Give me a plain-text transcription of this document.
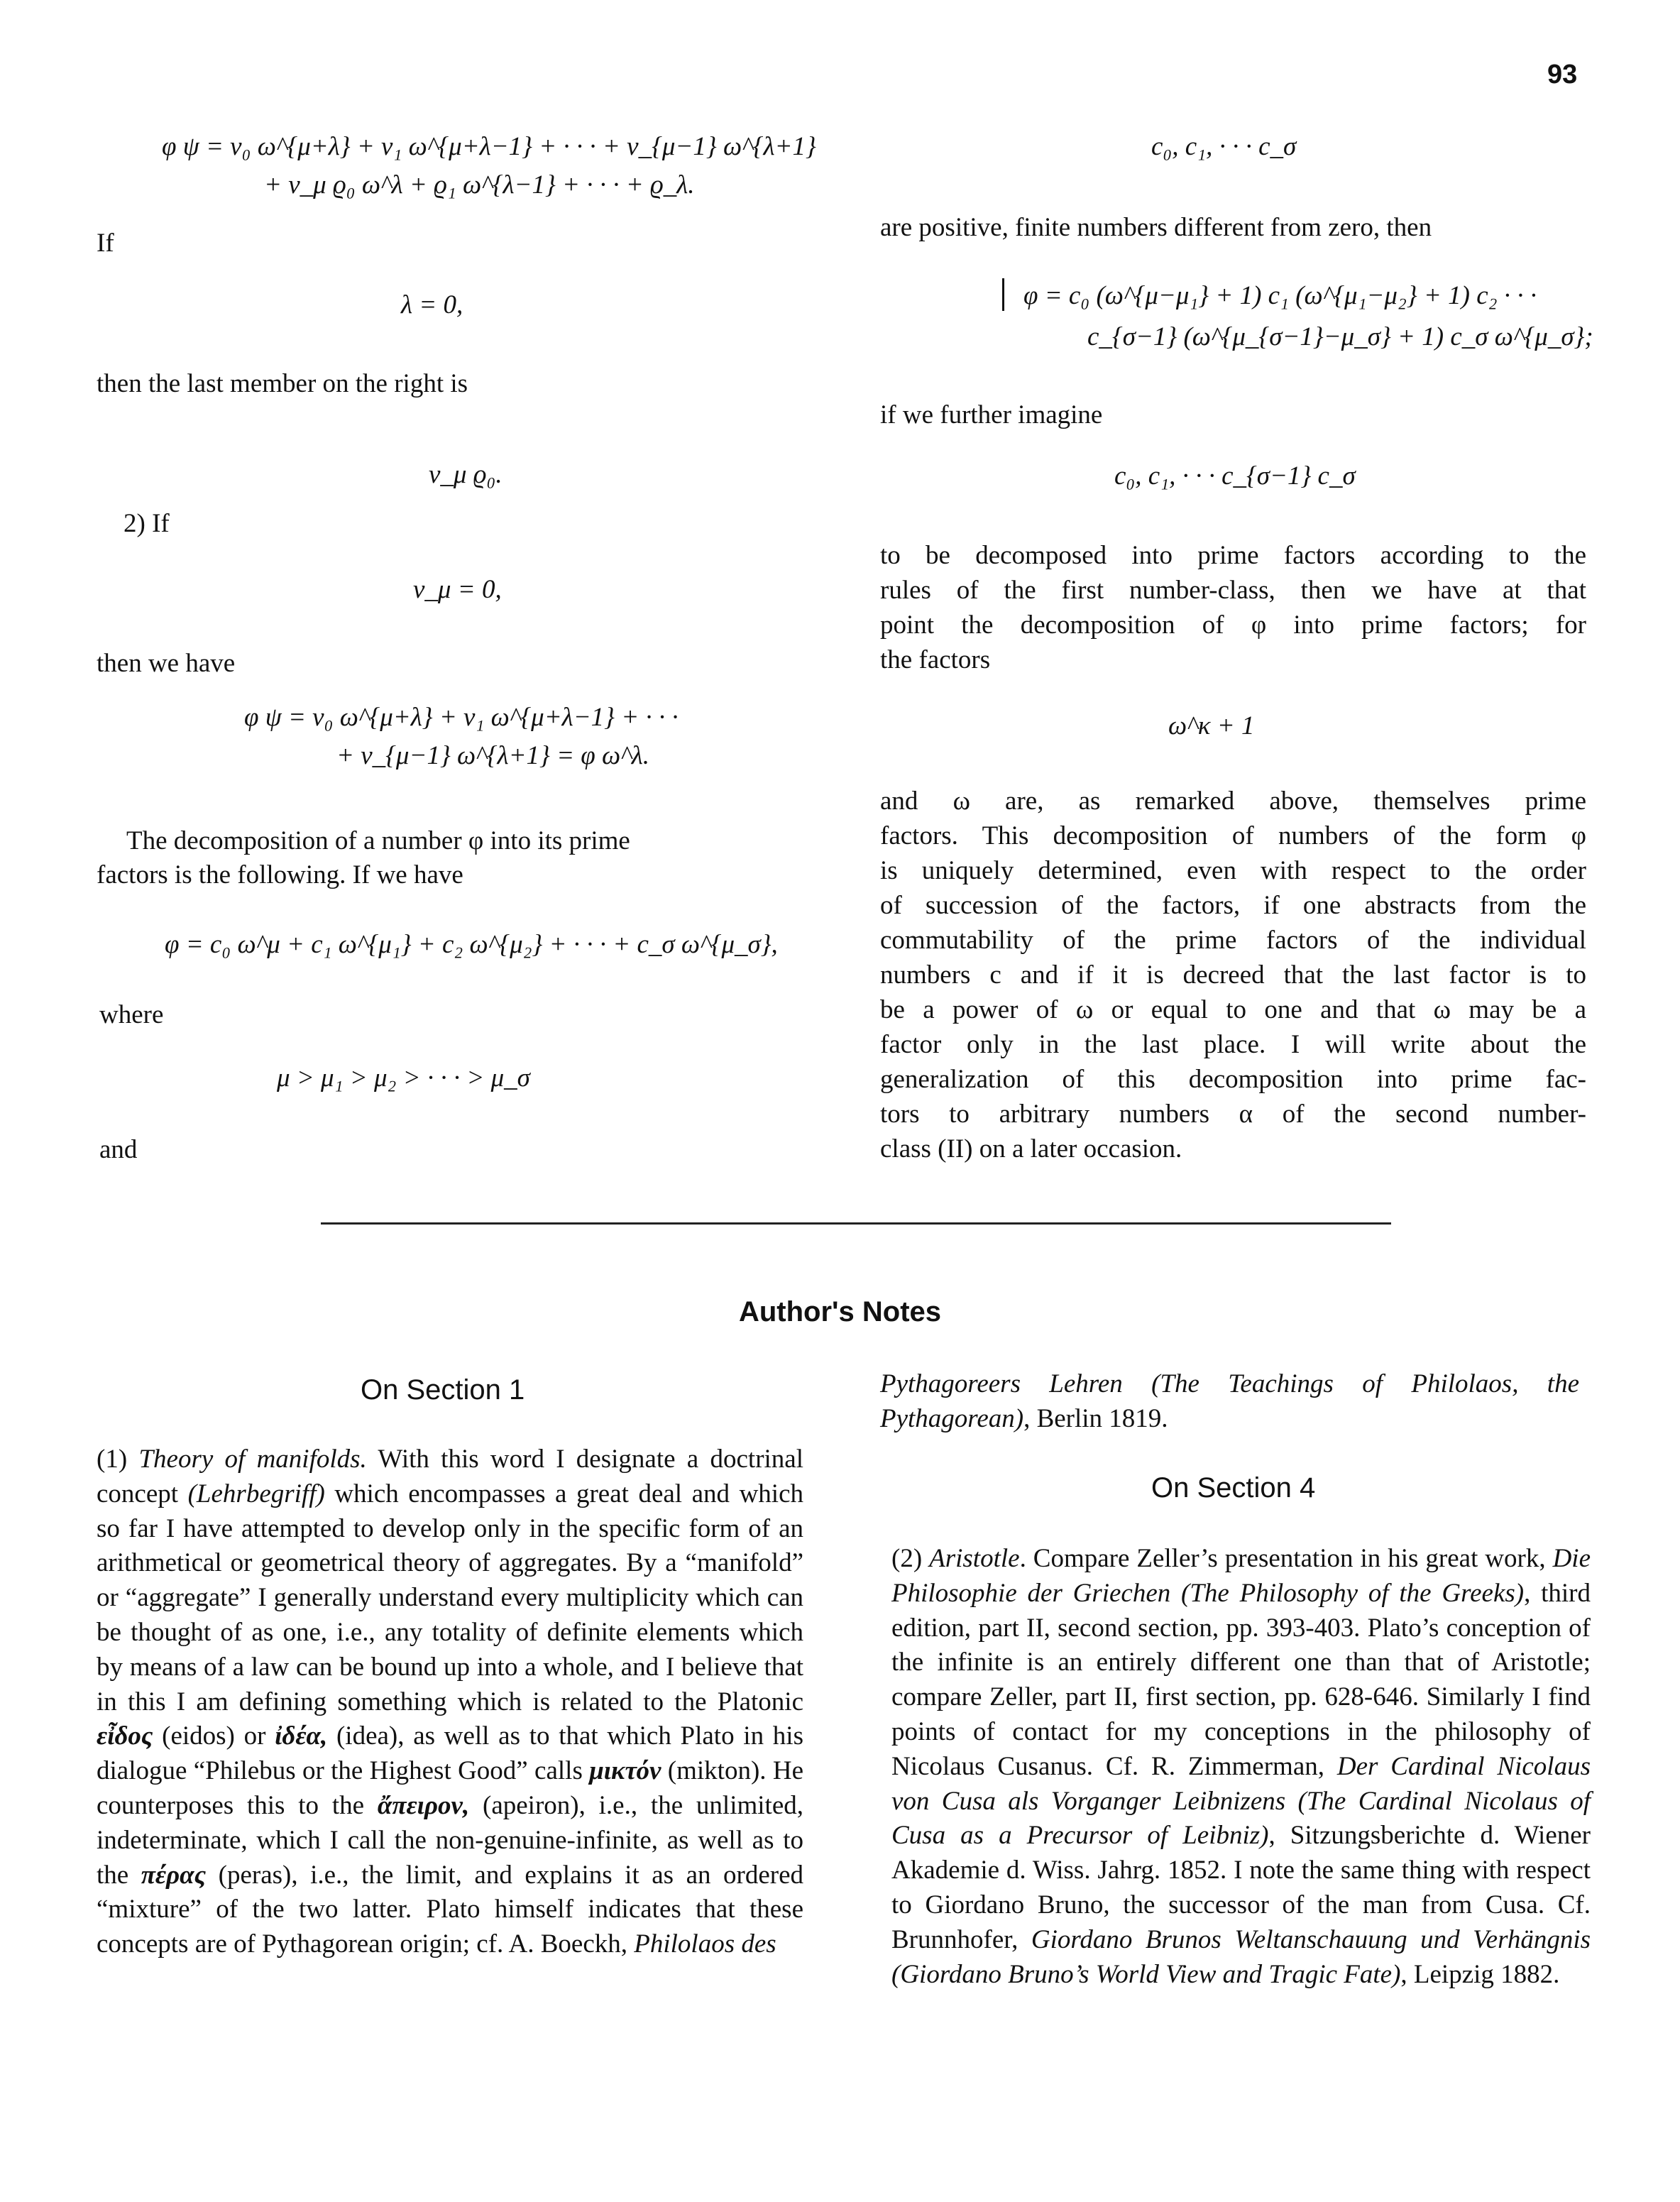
93
φ ψ = ν₀ ω^{μ+λ} + ν₁ ω^{μ+λ−1} + · · · + ν_{μ−1} ω^{λ+1}
+ ν_μ ϱ₀ ω^λ + ϱ₁ ω^{λ−1} + · · · + ϱ_λ.
If
λ = 0,
then the last member on the right is
ν_μ ϱ₀.
2) If
ν_μ = 0,
then we have
φ ψ = ν₀ ω^{μ+λ} + ν₁ ω^{μ+λ−1} + · · ·
+ ν_{μ−1} ω^{λ+1} = φ ω^λ.
The decomposition of a number φ into its prime
factors is the following. If we have
φ = c₀ ω^μ + c₁ ω^{μ₁} + c₂ ω^{μ₂} + · · · + c_σ ω^{μ_σ},
where
μ > μ₁ > μ₂ > · · · > μ_σ
and
c₀, c₁, · · · c_σ
are positive, finite numbers different from zero, then
φ = c₀ (ω^{μ−μ₁} + 1) c₁ (ω^{μ₁−μ₂} + 1) c₂ · · ·
c_{σ−1} (ω^{μ_{σ−1}−μ_σ} + 1) c_σ ω^{μ_σ};
if we further imagine
c₀, c₁, · · · c_{σ−1} c_σ
to be decomposed into prime factors according to the
rules of the first number-class, then we have at that
point the decomposition of φ into prime factors; for
the factors
ω^κ + 1
and ω are, as remarked above, themselves prime
factors. This decomposition of numbers of the form φ
is uniquely determined, even with respect to the order
of succession of the factors, if one abstracts from the
commutability of the prime factors of the individual
numbers c and if it is decreed that the last factor is to
be a power of ω or equal to one and that ω may be a
factor only in the last place. I will write about the
generalization of this decomposition into prime fac-
tors to arbitrary numbers α of the second number-
class (II) on a later occasion.
Author's Notes
On Section 1
(1) Theory of manifolds. With this word I designate a doctrinal concept (Lehrbegriff) which encompasses a great deal and which so far I have attempted to develop only in the specific form of an arithmetical or geometrical theory of aggregates. By a “manifold” or “aggregate” I generally understand every multiplicity which can be thought of as one, i.e., any totality of definite elements which by means of a law can be bound up into a whole, and I believe that in this I am defining something which is related to the Platonic εἶδος (eidos) or ἰδέα, (idea), as well as to that which Plato in his dialogue “Philebus or the Highest Good” calls μικτόν (mikton). He counterposes this to the ἄπειρον, (apeiron), i.e., the unlimited, indeterminate, which I call the non-genuine-infinite, as well as to the πέρας (peras), i.e., the limit, and explains it as an ordered “mixture” of the two latter. Plato himself indicates that these concepts are of Pythagorean origin; cf. A. Boeckh, Philolaos des
Pythagoreers Lehren (The Teachings of Philolaos, the Pythagorean), Berlin 1819.
On Section 4
(2) Aristotle. Compare Zeller’s presentation in his great work, Die Philosophie der Griechen (The Philosophy of the Greeks), third edition, part II, second section, pp. 393-403. Plato’s conception of the infinite is an entirely different one than that of Aristotle; compare Zeller, part II, first section, pp. 628-646. Similarly I find points of contact for my conceptions in the philosophy of Nicolaus Cusanus. Cf. R. Zimmerman, Der Cardinal Nicolaus von Cusa als Vorganger Leibnizens (The Cardinal Nicolaus of Cusa as a Precursor of Leibniz), Sitzungsberichte d. Wiener Akademie d. Wiss. Jahrg. 1852. I note the same thing with respect to Giordano Bruno, the successor of the man from Cusa. Cf. Brunnhofer, Giordano Brunos Weltanschauung und Verhängnis (Giordano Bruno’s World View and Tragic Fate), Leipzig 1882.
